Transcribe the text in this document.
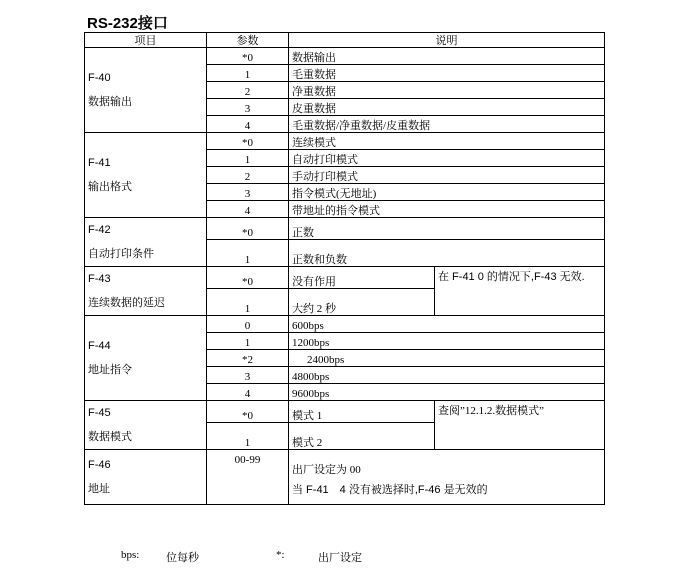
RS-232接口
项目	参数	说明	

F-40
数据输出	*0	数据输出	
	1	毛重数据	
	2	净重数据	
	3	皮重数据	
	4	毛重数据/净重数据/皮重数据	

F-41
输出格式	*0	连续模式	
	1	自动打印模式	
	2	手动打印模式	
	3	指令模式(无地址)	
	4	带地址的指令模式	

F-42
自动打印条件	*0	正数	
	1	正数和负数	

F-43
连续数据的延迟	*0	没有作用	在 F-41 0 的情况下,F-43 无效.
	1	大约 2 秒	

F-44
地址指令	0	600bps	
	1	1200bps	
	*2	2400bps	
	3	4800bps	
	4	9600bps	

F-45
数据模式	*0	模式 1	查阅”12.1.2.数据模式”
	1	模式 2	

F-46
地址	00-99	出厂设定为 00	
		当 F-41　4 没有被选择时,F-46 是无效的	
bps: 位每秒	*:	出厂设定
